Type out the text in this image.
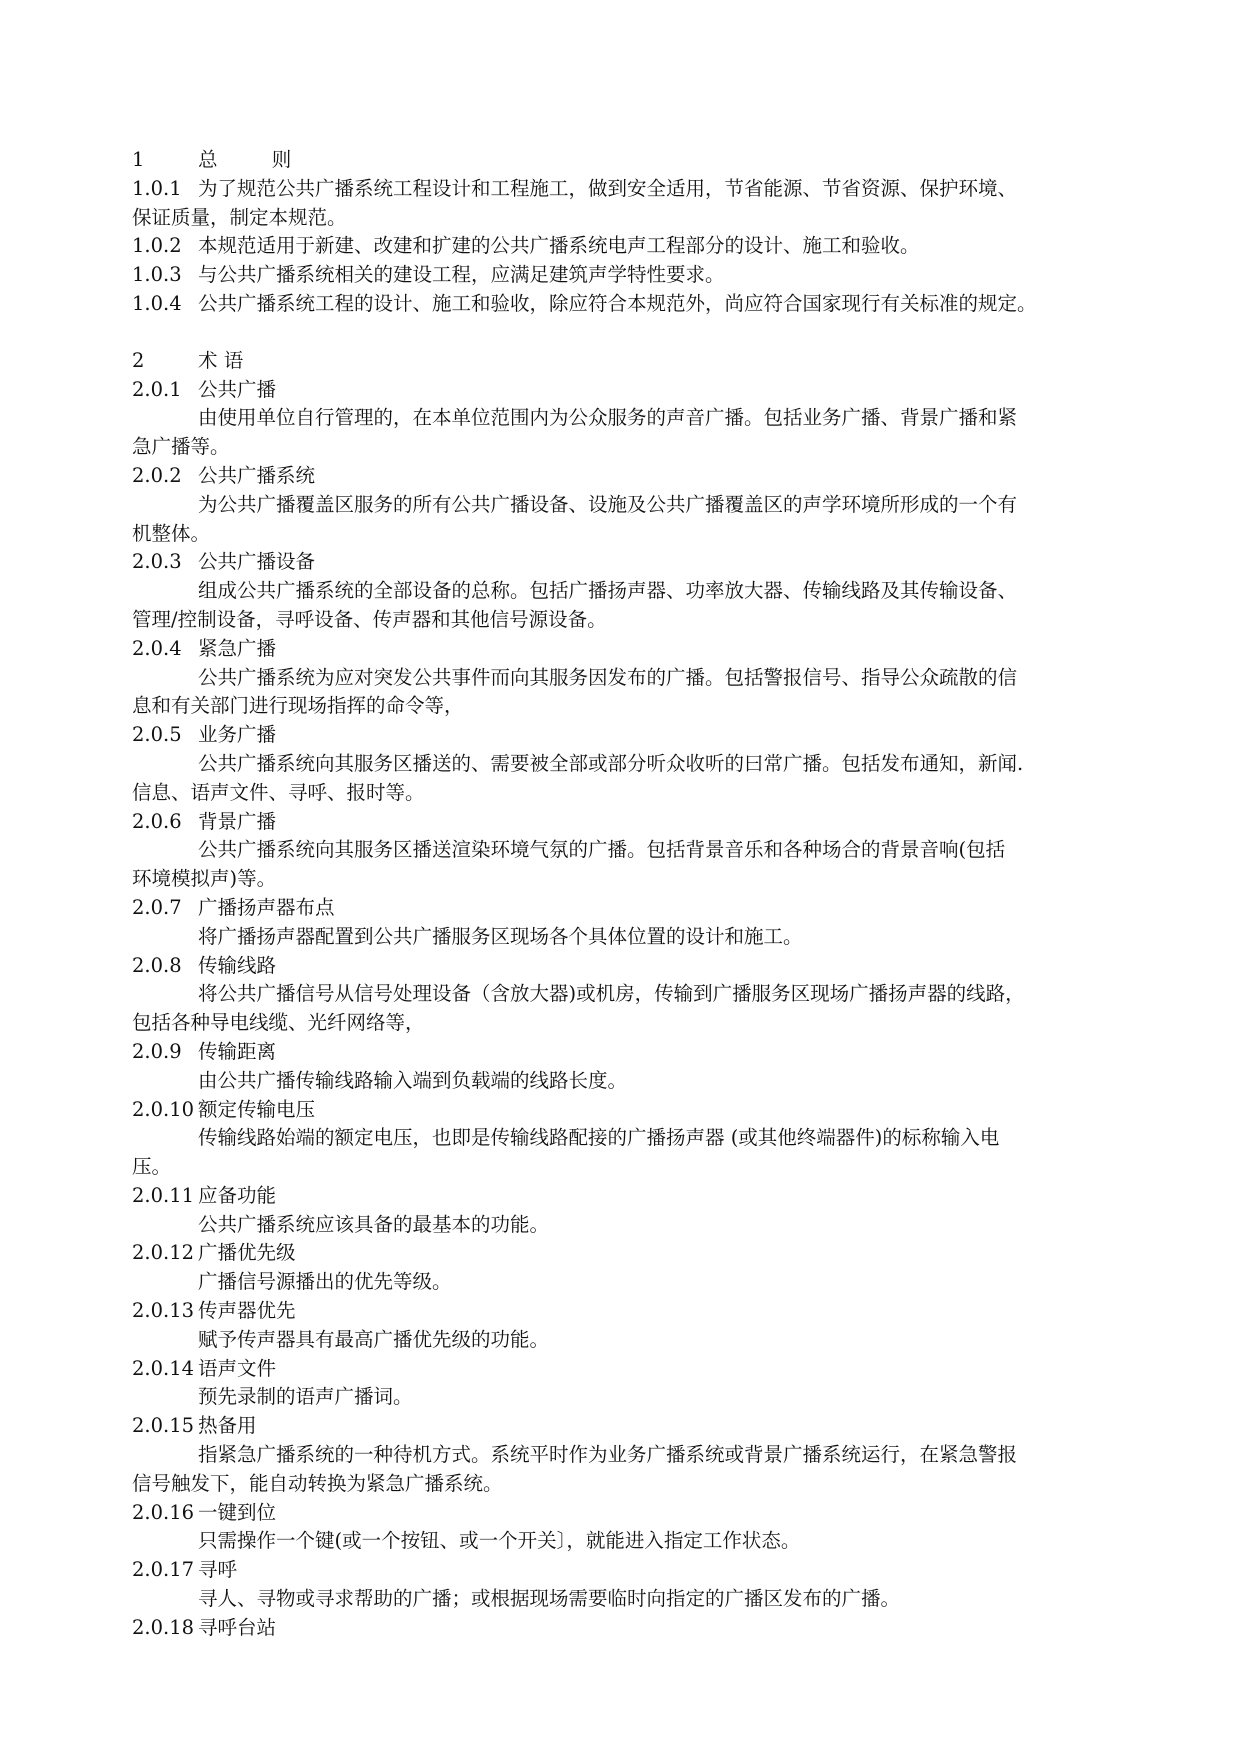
1	总 则
1.0.1 为了规范公共广播系统工程设计和工程施工，做到安全适用，节省能源、节省资源、保护环境、
保证质量，制定本规范。
1.0.2 本规范适用于新建、改建和扩建的公共广播系统电声工程部分的设计、施工和验收。
1.0.3 与公共广播系统相关的建设工程，应满足建筑声学特性要求。
1.0.4 公共广播系统工程的设计、施工和验收，除应符合本规范外，尚应符合国家现行有关标准的规定。
2	术 语
2.0.1 公共广播
由使用单位自行管理的，在本单位范围内为公众服务的声音广播。包括业务广播、背景广播和紧
急广播等。
2.0.2 公共广播系统
为公共广播覆盖区服务的所有公共广播设备、设施及公共广播覆盖区的声学环境所形成的一个有
机整体。
2.0.3 公共广播设备
组成公共广播系统的全部设备的总称。包括广播扬声器、功率放大器、传输线路及其传输设备、
管理/控制设备，寻呼设备、传声器和其他信号源设备。
2.0.4 紧急广播
公共广播系统为应对突发公共事件而向其服务因发布的广播。包括警报信号、指导公众疏散的信
息和有关部门进行现场指挥的命令等，
2.0.5 业务广播
公共广播系统向其服务区播送的、需要被全部或部分听众收听的曰常广播。包括发布通知，新闻.
信息、语声文件、寻呼、报时等。
2.0.6 背景广播
公共广播系统向其服务区播送渲染环境气氛的广播。包括背景音乐和各种场合的背景音响(包括
环境模拟声)等。
2.0.7 广播扬声器布点
将广播扬声器配置到公共广播服务区现场各个具体位置的设计和施工。
2.0.8 传输线路
将公共广播信号从信号处理设备（含放大器)或机房，传输到广播服务区现场广播扬声器的线路，
包括各种导电线缆、光纤网络等，
2.0.9 传输距离
由公共广播传输线路输入端到负载端的线路长度。
2.0.10 额定传输电压
传输线路始端的额定电压，也即是传输线路配接的广播扬声器 (或其他终端器件)的标称输入电
压。
2.0.11 应备功能
公共广播系统应该具备的最基本的功能。
2.0.12 广播优先级
广播信号源播出的优先等级。
2.0.13 传声器优先
赋予传声器具有最高广播优先级的功能。
2.0.14 语声文件
预先录制的语声广播词。
2.0.15 热备用
指紧急广播系统的一种待机方式。系统平时作为业务广播系统或背景广播系统运行，在紧急警报
信号触发下，能自动转换为紧急广播系统。
2.0.16 一键到位
只需操作一个键(或一个按钮、或一个开关〕，就能进入指定工作状态。
2.0.17 寻呼
寻人、寻物或寻求帮助的广播；或根据现场需要临时向指定的广播区发布的广播。
2.0.18 寻呼台站
